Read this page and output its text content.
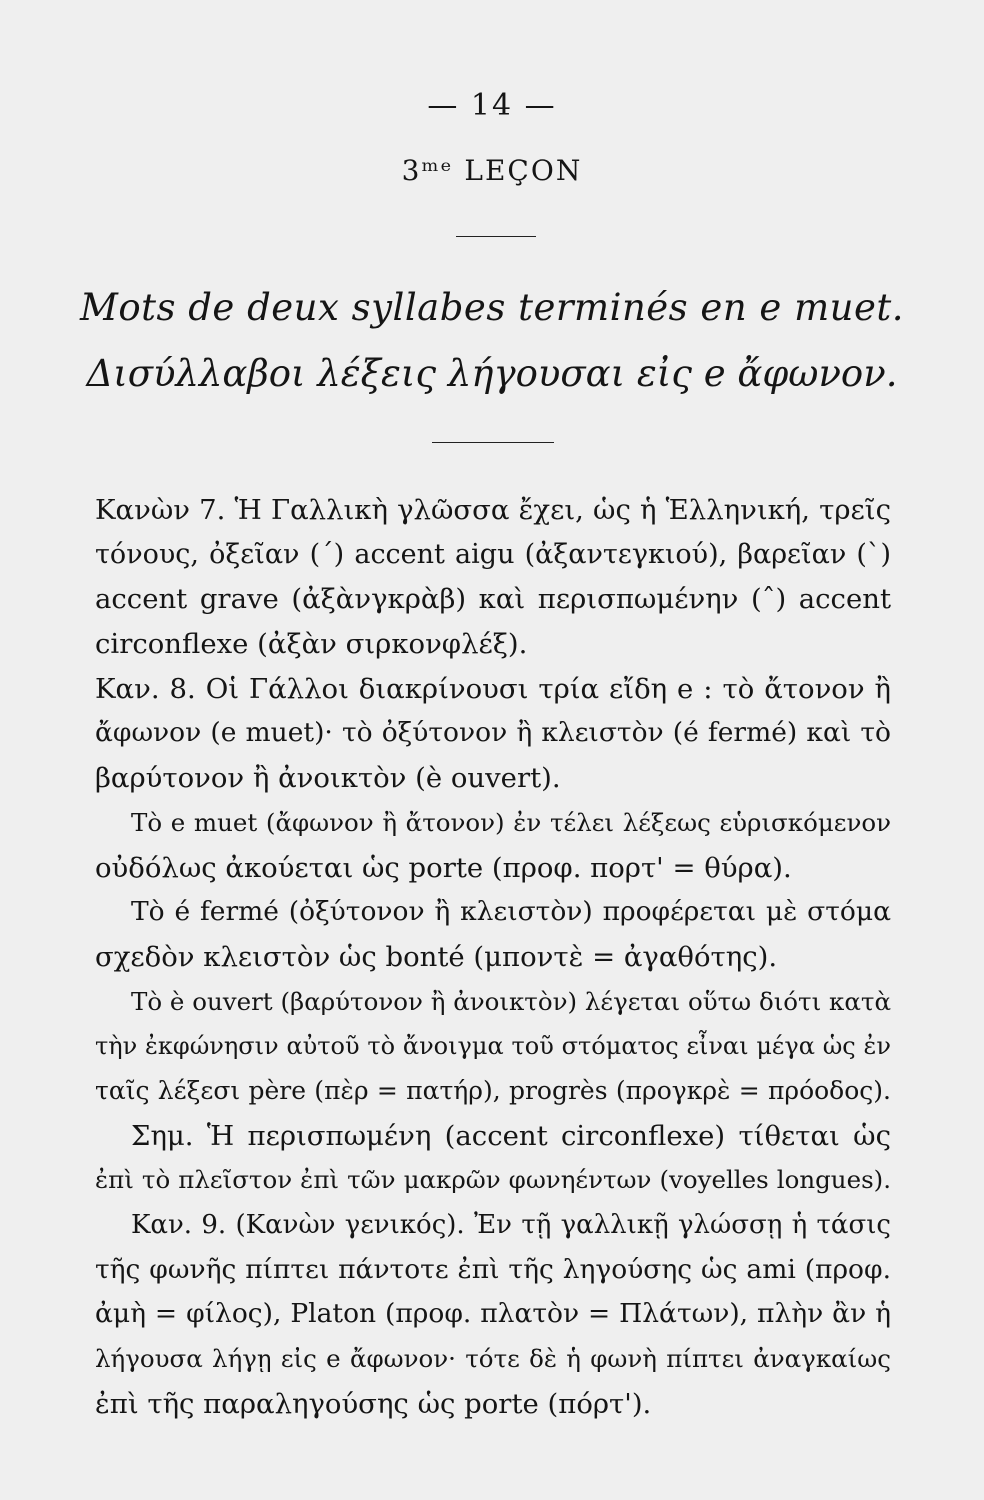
— 14 —
3ᵐᵉ LEÇON
Mots de deux syllabes terminés en e muet.
Δισύλλαβοι λέξεις λήγουσαι εἰς e ἄφωνον.
Κανὼν 7. Ἡ Γαλλικὴ γλῶσσα ἔχει, ὡς ἡ Ἑλληνική, τρεῖς
τόνους, ὀξεῖαν (´) accent aigu (ἀξαντεγκιού), βαρεῖαν (`)
accent grave (ἀξὰνγκρὰβ) καὶ περισπωμένην (ˆ) accent
circonflexe (ἀξὰν σιρκονφλέξ).
Καν. 8. Οἱ Γάλλοι διακρίνουσι τρία εἴδη e : τὸ ἄτονον ἢ
ἄφωνον (e muet)· τὸ ὀξύτονον ἢ κλειστὸν (é fermé) καὶ τὸ
βαρύτονον ἢ ἀνοικτὸν (è ouvert).
Τὸ e muet (ἄφωνον ἢ ἄτονον) ἐν τέλει λέξεως εὑρισκόμενον
οὐδόλως ἀκούεται ὡς porte (προφ. πορτ' = θύρα).
Τὸ é fermé (ὀξύτονον ἢ κλειστὸν) προφέρεται μὲ στόμα
σχεδὸν κλειστὸν ὡς bonté (μποντὲ = ἀγαθότης).
Τὸ è ouvert (βαρύτονον ἢ ἀνοικτὸν) λέγεται οὕτω διότι κατὰ
τὴν ἐκφώνησιν αὐτοῦ τὸ ἄνοιγμα τοῦ στόματος εἶναι μέγα ὡς ἐν
ταῖς λέξεσι père (πὲρ = πατήρ), progrès (προγκρὲ = πρόοδος).
Σημ. Ἡ περισπωμένη (accent circonflexe) τίθεται ὡς
ἐπὶ τὸ πλεῖστον ἐπὶ τῶν μακρῶν φωνηέντων (voyelles longues).
Καν. 9. (Κανὼν γενικός). Ἐν τῇ γαλλικῇ γλώσσῃ ἡ τάσις
τῆς φωνῆς πίπτει πάντοτε ἐπὶ τῆς ληγούσης ὡς ami (προφ.
ἀμὴ = φίλος), Platon (προφ. πλατὸν = Πλάτων), πλὴν ἂν ἡ
λήγουσα λήγῃ εἰς e ἄφωνον· τότε δὲ ἡ φωνὴ πίπτει ἀναγκαίως
ἐπὶ τῆς παραληγούσης ὡς porte (πόρτ').
